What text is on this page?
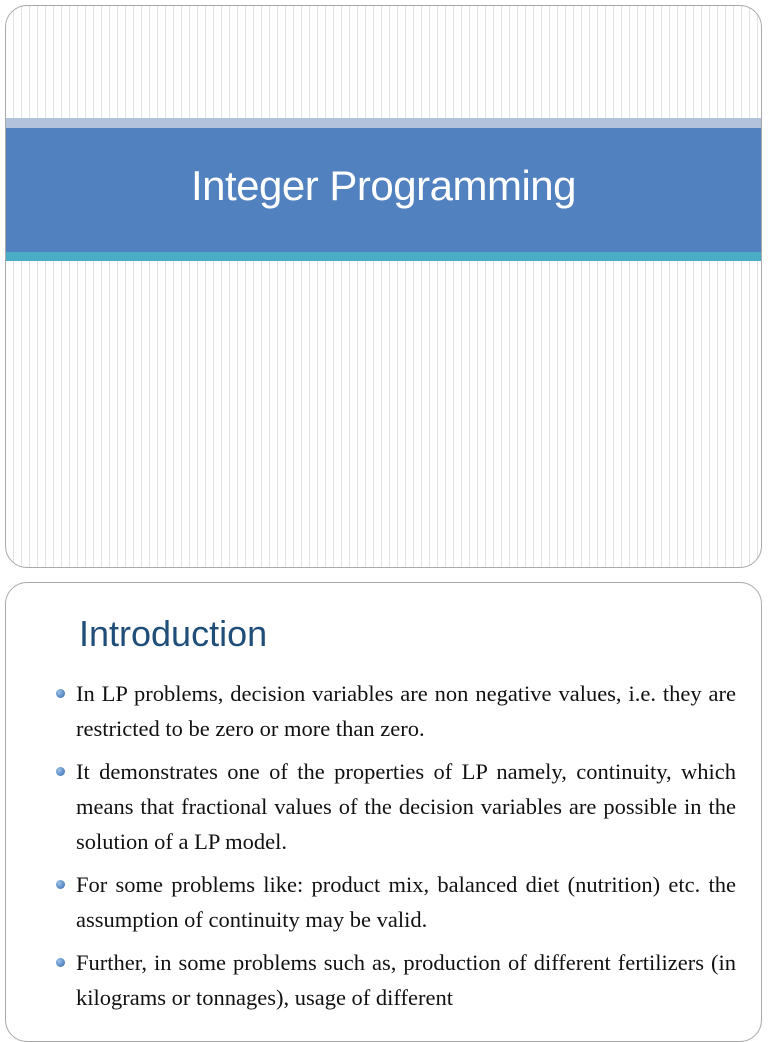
Integer Programming
Introduction
In LP problems, decision variables are non negative values, i.e. they are restricted to be zero or more than zero.
It demonstrates one of the properties of LP namely, continuity, which means that fractional values of the decision variables are possible in the solution of a LP model.
For some problems like: product mix, balanced diet (nutrition) etc. the assumption of continuity may be valid.
Further, in some problems such as, production of different fertilizers (in kilograms or tonnages), usage of different
